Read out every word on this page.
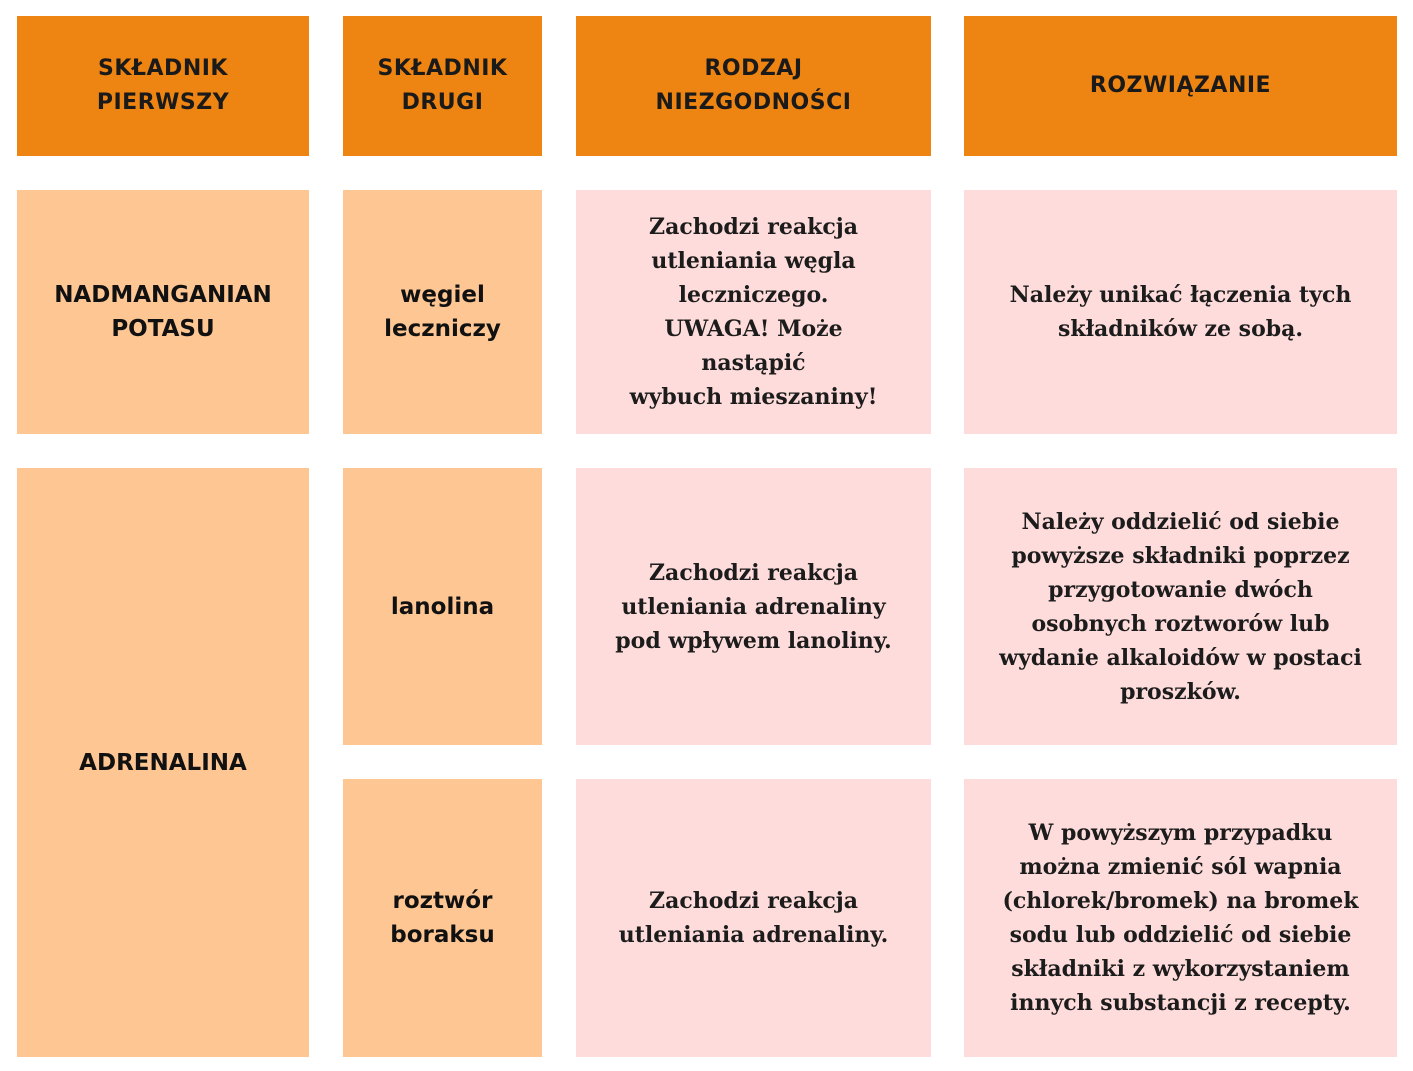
SKŁADNIK
PIERWSZY
SKŁADNIK
DRUGI
RODZAJ
NIEZGODNOŚCI
ROZWIĄZANIE
NADMANGANIAN
POTASU
węgiel
leczniczy
Zachodzi reakcja
utleniania węgla
leczniczego.
UWAGA! Może nastąpić
wybuch mieszaniny!
Należy unikać łączenia tych
składników ze sobą.
ADRENALINA
lanolina
Zachodzi reakcja
utleniania adrenaliny
pod wpływem lanoliny.
Należy oddzielić od siebie
powyższe składniki poprzez
przygotowanie dwóch
osobnych roztworów lub
wydanie alkaloidów w postaci
proszków.
roztwór
boraksu
Zachodzi reakcja
utleniania adrenaliny.
W powyższym przypadku
można zmienić sól wapnia
(chlorek/bromek) na bromek
sodu lub oddzielić od siebie
składniki z wykorzystaniem
innych substancji z recepty.
